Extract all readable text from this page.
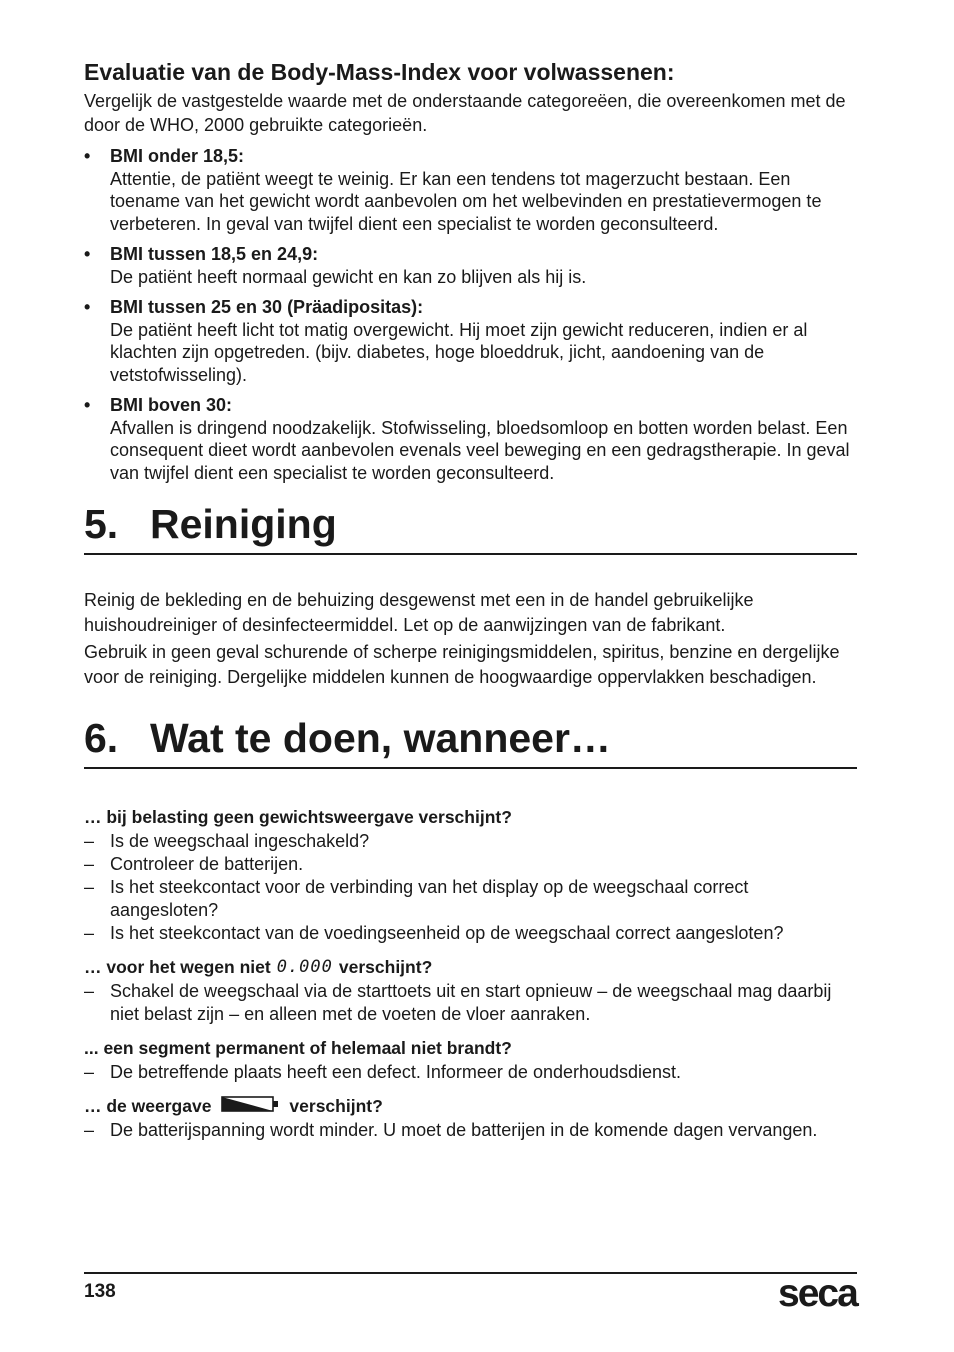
Evaluatie van de Body-Mass-Index voor volwassenen:

Vergelijk de vastgestelde waarde met de onderstaande categoreëen, die overeenkomen met de door de WHO, 2000 gebruikte categorieën.

•	BMI onder 18,5:
Attentie, de patiënt weegt te weinig. Er kan een tendens tot magerzucht bestaan. Een toename van het gewicht wordt aanbevolen om het welbevinden en prestatievermogen te verbeteren. In geval van twijfel dient een specialist te worden geconsulteerd.
•	BMI tussen 18,5 en 24,9:
De patiënt heeft normaal gewicht en kan zo blijven als hij is.
•	BMI tussen 25 en 30 (Präadipositas):
De patiënt heeft licht tot matig overgewicht. Hij moet zijn gewicht reduceren, indien er al klachten zijn opgetreden. (bijv. diabetes, hoge bloeddruk, jicht, aandoening van de vetstofwisseling).
•	BMI boven 30:
Afvallen is dringend noodzakelijk. Stofwisseling, bloedsomloop en botten worden belast. Een consequent dieet wordt aanbevolen evenals veel beweging en een gedragstherapie. In geval van twijfel dient een specialist te worden geconsulteerd.
5. Reiniging

Reinig de bekleding en de behuizing desgewenst met een in de handel gebruikelijke huishoudreiniger of desinfecteermiddel. Let op de aanwijzingen van de fabrikant.

Gebruik in geen geval schurende of scherpe reinigingsmiddelen, spiritus, benzine en dergelijke voor de reiniging. Dergelijke middelen kunnen de hoogwaardige oppervlakken beschadigen.

6. Wat te doen, wanneer…
… bij belasting geen gewichtsweergave verschijnt?
– Is de weegschaal ingeschakeld?
– Controleer de batterijen.
– Is het steekcontact voor de verbinding van het display op de weegschaal correct aangesloten?
– Is het steekcontact van de voedingseenheid op de weegschaal correct aangesloten?
… voor het wegen niet 0.000 verschijnt?
– Schakel de weegschaal via de starttoets uit en start opnieuw – de weegschaal mag daarbij niet belast zijn – en alleen met de voeten de vloer aanraken.
... een segment permanent of helemaal niet brandt?
– De betreffende plaats heeft een defect. Informeer de onderhoudsdienst.
… de weergave	verschijnt?
– De batterijspanning wordt minder. U moet de batterijen in de komende dagen vervangen.
138	seca
